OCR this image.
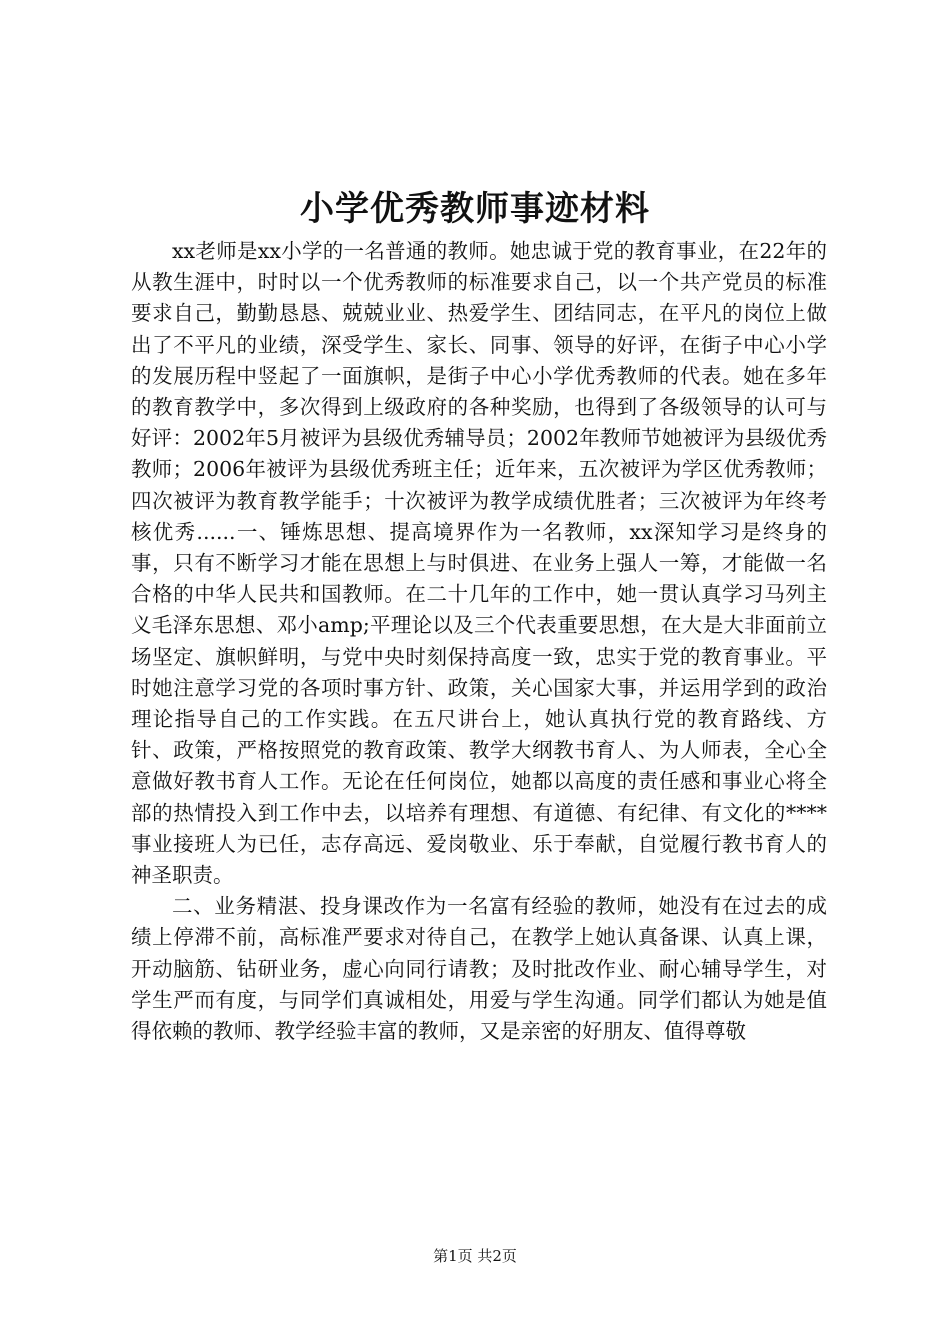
小学优秀教师事迹材料

xx老师是xx小学的一名普通的教师。她忠诚于党的教育事业，在22年的从教生涯中，时时以一个优秀教师的标准要求自己，以一个共产党员的标准要求自己，勤勤恳恳、兢兢业业、热爱学生、团结同志，在平凡的岗位上做出了不平凡的业绩，深受学生、家长、同事、领导的好评，在街子中心小学的发展历程中竖起了一面旗帜，是街子中心小学优秀教师的代表。她在多年的教育教学中，多次得到上级政府的各种奖励，也得到了各级领导的认可与好评：2002年5月被评为县级优秀辅导员；2002年教师节她被评为县级优秀教师；2006年被评为县级优秀班主任；近年来，五次被评为学区优秀教师；四次被评为教育教学能手；十次被评为教学成绩优胜者；三次被评为年终考核优秀......一、锤炼思想、提高境界作为一名教师，xx深知学习是终身的事，只有不断学习才能在思想上与时俱进、在业务上强人一筹，才能做一名合格的中华人民共和国教师。在二十几年的工作中，她一贯认真学习马列主义毛泽东思想、邓小amp;平理论以及三个代表重要思想，在大是大非面前立场坚定、旗帜鲜明，与党中央时刻保持高度一致，忠实于党的教育事业。平时她注意学习党的各项时事方针、政策，关心国家大事，并运用学到的政治理论指导自己的工作实践。在五尺讲台上，她认真执行党的教育路线、方针、政策，严格按照党的教育政策、教学大纲教书育人、为人师表，全心全意做好教书育人工作。无论在任何岗位，她都以高度的责任感和事业心将全部的热情投入到工作中去，以培养有理想、有道德、有纪律、有文化的****事业接班人为已任，志存高远、爱岗敬业、乐于奉献，自觉履行教书育人的神圣职责。

二、业务精湛、投身课改作为一名富有经验的教师，她没有在过去的成绩上停滞不前，高标准严要求对待自己，在教学上她认真备课、认真上课，开动脑筋、钻研业务，虚心向同行请教；及时批改作业、耐心辅导学生，对学生严而有度，与同学们真诚相处，用爱与学生沟通。同学们都认为她是值得依赖的教师、教学经验丰富的教师，又是亲密的好朋友、值得尊敬

第1页 共2页
